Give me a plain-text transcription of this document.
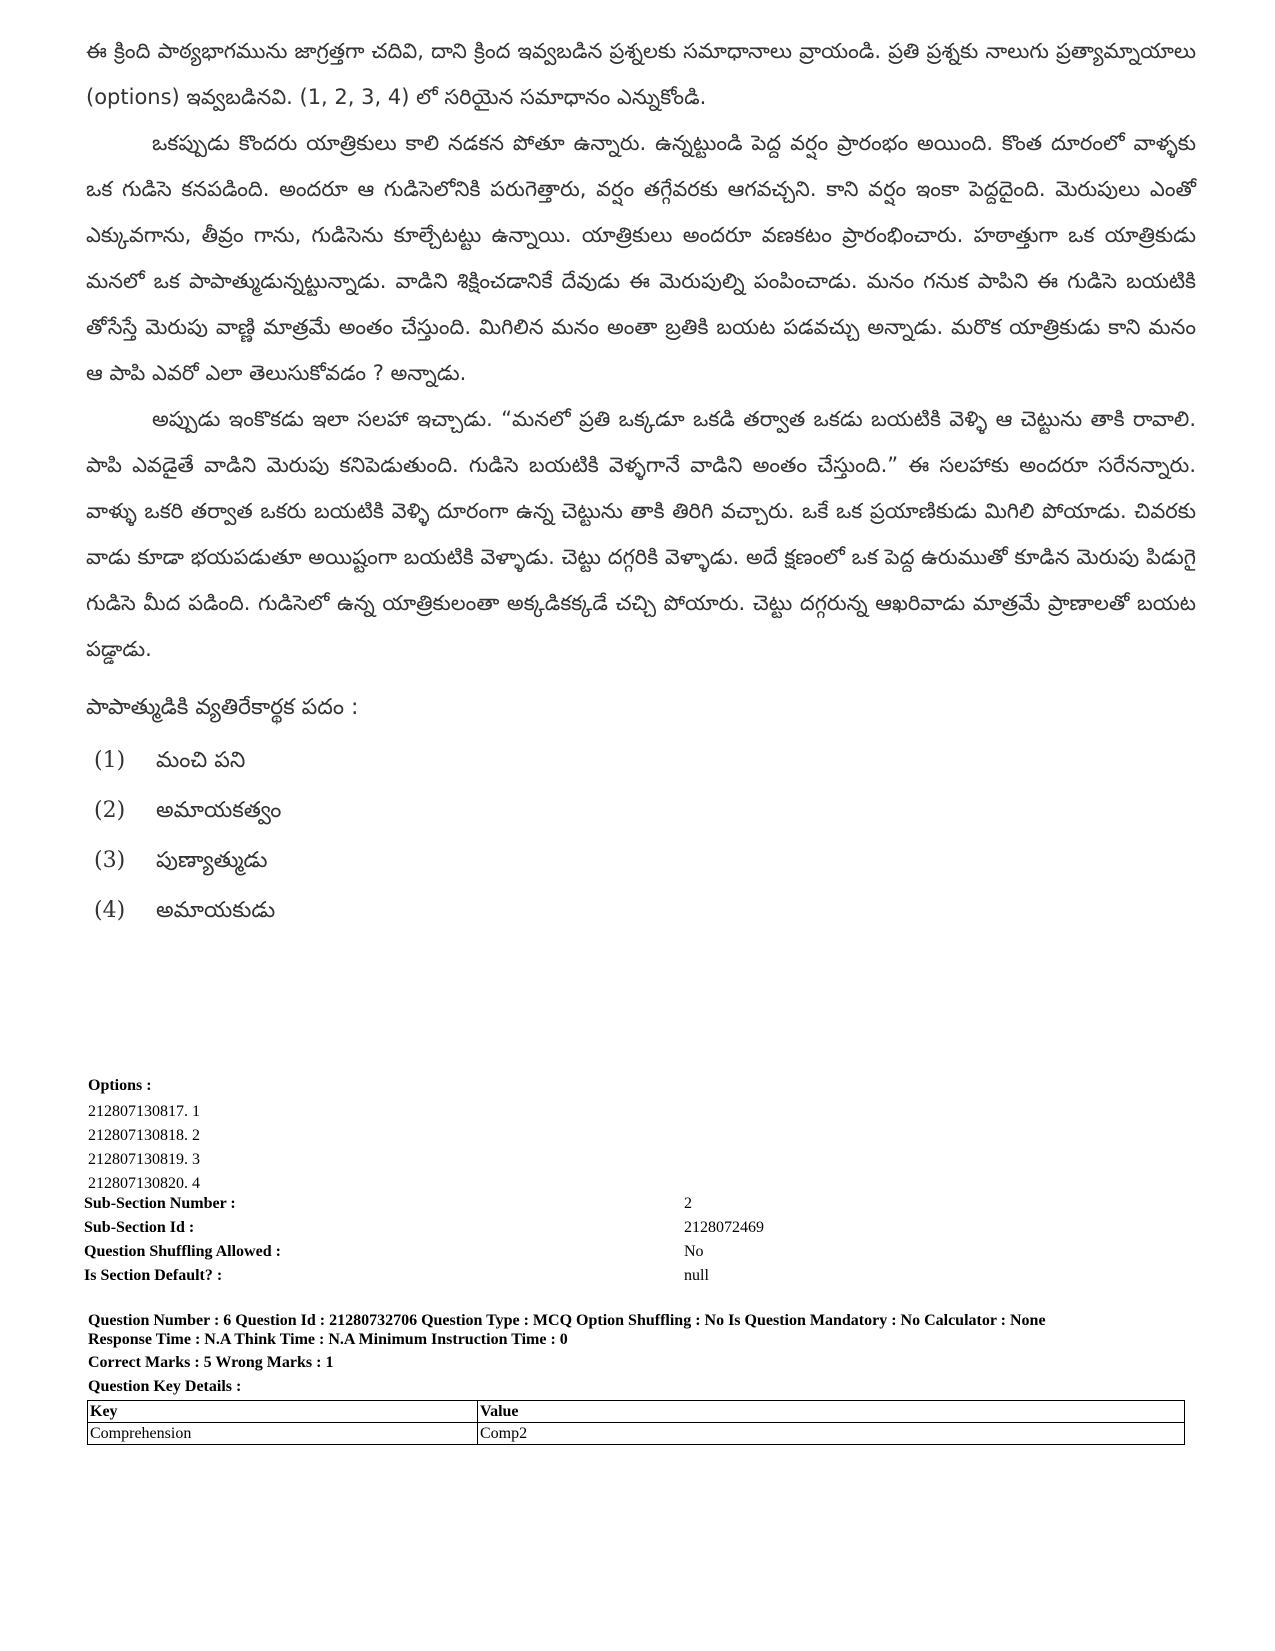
ఈ క్రింది పాఠ్యభాగమును జాగ్రత్తగా చదివి, దాని క్రింద ఇవ్వబడిన ప్రశ్నలకు సమాధానాలు వ్రాయండి. ప్రతి ప్రశ్నకు నాలుగు ప్రత్యామ్నాయాలు (options) ఇవ్వబడినవి. (1, 2, 3, 4) లో సరియైన సమాధానం ఎన్నుకోండి.

ఒకప్పుడు కొందరు యాత్రికులు కాలి నడకన పోతూ ఉన్నారు. ఉన్నట్టుండి పెద్ద వర్షం ప్రారంభం అయింది. కొంత దూరంలో వాళ్ళకు ఒక గుడిసె కనపడింది. అందరూ ఆ గుడిసెలోనికి పరుగెత్తారు, వర్షం తగ్గేవరకు ఆగవచ్చని. కాని వర్షం ఇంకా పెద్దదైంది. మెరుపులు ఎంతో ఎక్కువగాను, తీవ్రం గాను, గుడిసెను కూల్చేటట్టు ఉన్నాయి. యాత్రికులు అందరూ వణకటం ప్రారంభించారు. హఠాత్తుగా ఒక యాత్రికుడు మనలో ఒక పాపాత్ముడున్నట్టున్నాడు. వాడిని శిక్షించడానికే దేవుడు ఈ మెరుపుల్ని పంపించాడు. మనం గనుక పాపిని ఈ గుడిసె బయటికి తోసేస్తే మెరుపు వాణ్ణి మాత్రమే అంతం చేస్తుంది. మిగిలిన మనం అంతా బ్రతికి బయట పడవచ్చు అన్నాడు. మరొక యాత్రికుడు కాని మనం ఆ పాపి ఎవరో ఎలా తెలుసుకోవడం ? అన్నాడు.

అప్పుడు ఇంకొకడు ఇలా సలహా ఇచ్చాడు. “మనలో ప్రతి ఒక్కడూ ఒకడి తర్వాత ఒకడు బయటికి వెళ్ళి ఆ చెట్టును తాకి రావాలి. పాపి ఎవడైతే వాడిని మెరుపు కనిపెడుతుంది. గుడిసె బయటికి వెళ్ళగానే వాడిని అంతం చేస్తుంది.” ఈ సలహాకు అందరూ సరేనన్నారు. వాళ్ళు ఒకరి తర్వాత ఒకరు బయటికి వెళ్ళి దూరంగా ఉన్న చెట్టును తాకి తిరిగి వచ్చారు. ఒకే ఒక ప్రయాణికుడు మిగిలి పోయాడు. చివరకు వాడు కూడా భయపడుతూ అయిష్టంగా బయటికి వెళ్ళాడు. చెట్టు దగ్గరికి వెళ్ళాడు. అదే క్షణంలో ఒక పెద్ద ఉరుముతో కూడిన మెరుపు పిడుగై గుడిసె మీద పడింది. గుడిసెలో ఉన్న యాత్రికులంతా అక్కడికక్కడే చచ్చి పోయారు. చెట్టు దగ్గరున్న ఆఖరివాడు మాత్రమే ప్రాణాలతో బయట పడ్డాడు.

పాపాత్ముడికి వ్యతిరేకార్థక పదం :
(1) మంచి పని
(2) అమాయకత్వం
(3) పుణ్యాత్ముడు
(4) అమాయకుడు
Options :
212807130817. 1
212807130818. 2
212807130819. 3
212807130820. 4
Sub-Section Number :	2
Sub-Section Id :	2128072469
Question Shuffling Allowed :	No
Is Section Default? :	null
Question Number : 6 Question Id : 21280732706 Question Type : MCQ Option Shuffling : No Is Question Mandatory : No Calculator : None
Response Time : N.A Think Time : N.A Minimum Instruction Time : 0
Correct Marks : 5 Wrong Marks : 1
Question Key Details :
Key	Value
Comprehension	Comp2
